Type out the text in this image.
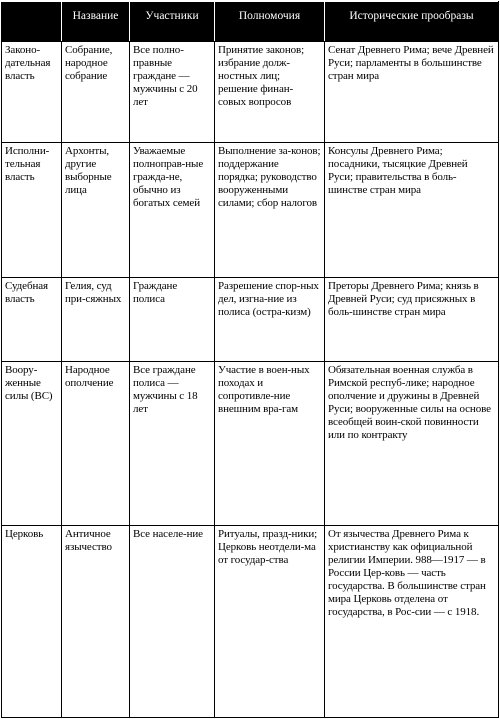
	Название	Участники	Полномочия	Исторические прообразы
Законо-дательная власть	Собрание, народное собрание	Все полно-правные граждане — мужчины с 20 лет	Принятие законов; избрание долж-ностных лиц; решение финан-совых вопросов	Сенат Древнего Рима; вече Древней Руси; парламенты в большинстве стран мира
Исполни-тельная власть	Архонты, другие выборные лица	Уважаемые полноправ-ные гражда-не, обычно из богатых семей	Выполнение за-конов; поддержание порядка; руководство вооруженными силами; сбор налогов	Консулы Древнего Рима; посадники, тысяцкие Древней Руси; правительства в боль-шинстве стран мира
Судебная власть	Гелия, суд при-сяжных	Граждане полиса	Разрешение спор-ных дел, изгна-ние из полиса (остра-кизм)	Преторы Древнего Рима; князь в Древней Руси; суд присяжных в боль-шинстве стран мира
Воору-женные силы (ВС)	Народное ополчение	Все граждане полиса — мужчины с 18 лет	Участие в воен-ных походах и сопротивле-ние внешним вра-гам	Обязательная военная служба в Римской респуб-лике; народное ополчение и дружины в Древней Руси; вооруженные силы на основе всеобщей воин-ской повинности или по контракту
Церковь	Античное язычество	Все населе-ние	Ритуалы, празд-ники; Церковь неотдели-ма от государ-ства	От язычества Древнего Рима к христианству как официальной религии Империи. 988—1917 — в России Цер-ковь — часть государства. В большинстве стран мира Церковь отделена от государства, в Рос-сии — с 1918.
